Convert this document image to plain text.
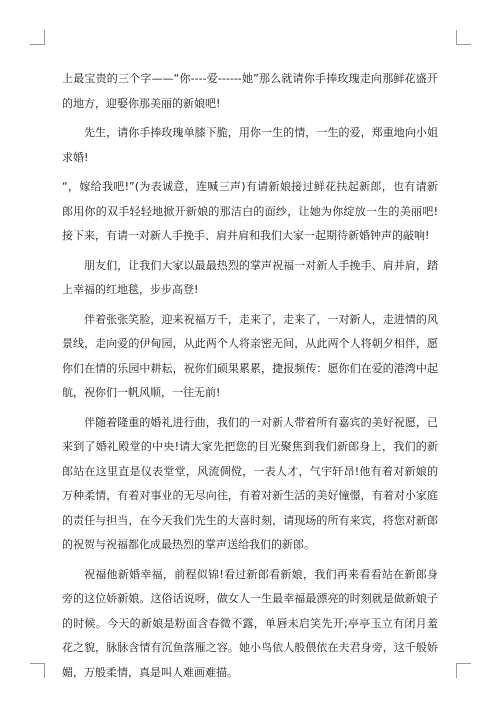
上最宝贵的三个字——“你----爱------她”那么就请你手捧玫瑰走向那鲜花盛开的地方，迎娶你那美丽的新娘吧!

先生，请你手捧玫瑰单膝下脆，用你一生的情，一生的爱，郑重地向小姐求婚!

“，嫁给我吧!”(为表诚意，连喊三声)有请新娘接过鲜花扶起新郎，也有请新郎用你的双手轻轻地掀开新娘的那洁白的面纱，让她为你绽放一生的美丽吧!接下来，有请一对新人手挽手、肩并肩和我们大家一起期待新婚钟声的敲响!

朋友们，让我们大家以最最热烈的掌声祝福一对新人手挽手、肩并肩，踏上幸福的红地毯，步步高登!

伴着张张笑脸，迎来祝福万千，走来了，走来了，一对新人，走进情的风景线，走向爱的伊甸园，从此两个人将亲密无间，从此两个人将朝夕相伴，愿你们在情的乐园中耕耘，祝你们硕果累累，捷报频传：愿你们在爱的港湾中起航，祝你们一帆风顺，一往无前!

伴随着隆重的婚礼进行曲，我们的一对新人带着所有嘉宾的美好祝愿，已来到了婚礼殿堂的中央!请大家先把您的目光聚焦到我们新郎身上，我们的新郎站在这里直是仪表堂堂，风流倜傥，一表人才，气宇轩昂!他有着对新娘的万种柔情，有着对事业的无尽向往，有着对新生活的美好憧憬，有着对小家庭的责任与担当，在今天我们先生的大喜时刻，请现场的所有来宾，将您对新郎的祝贺与祝福都化成最热烈的掌声送给我们的新郎。

祝福他新婚幸福，前程似锦!看过新郎看新娘，我们再来看看站在新郎身旁的这位娇新娘。这俗话说呀，做女人一生最幸福最漂亮的时刻就是做新娘子的时候。今天的新娘是粉面含春微不露，单唇未启笑先开;亭亭玉立有闭月羞花之貌，脉脉含情有沉鱼落雁之容。她小鸟依人般偎依在夫君身旁，这千般娇媚，万般柔情，真是叫人难画难描。
